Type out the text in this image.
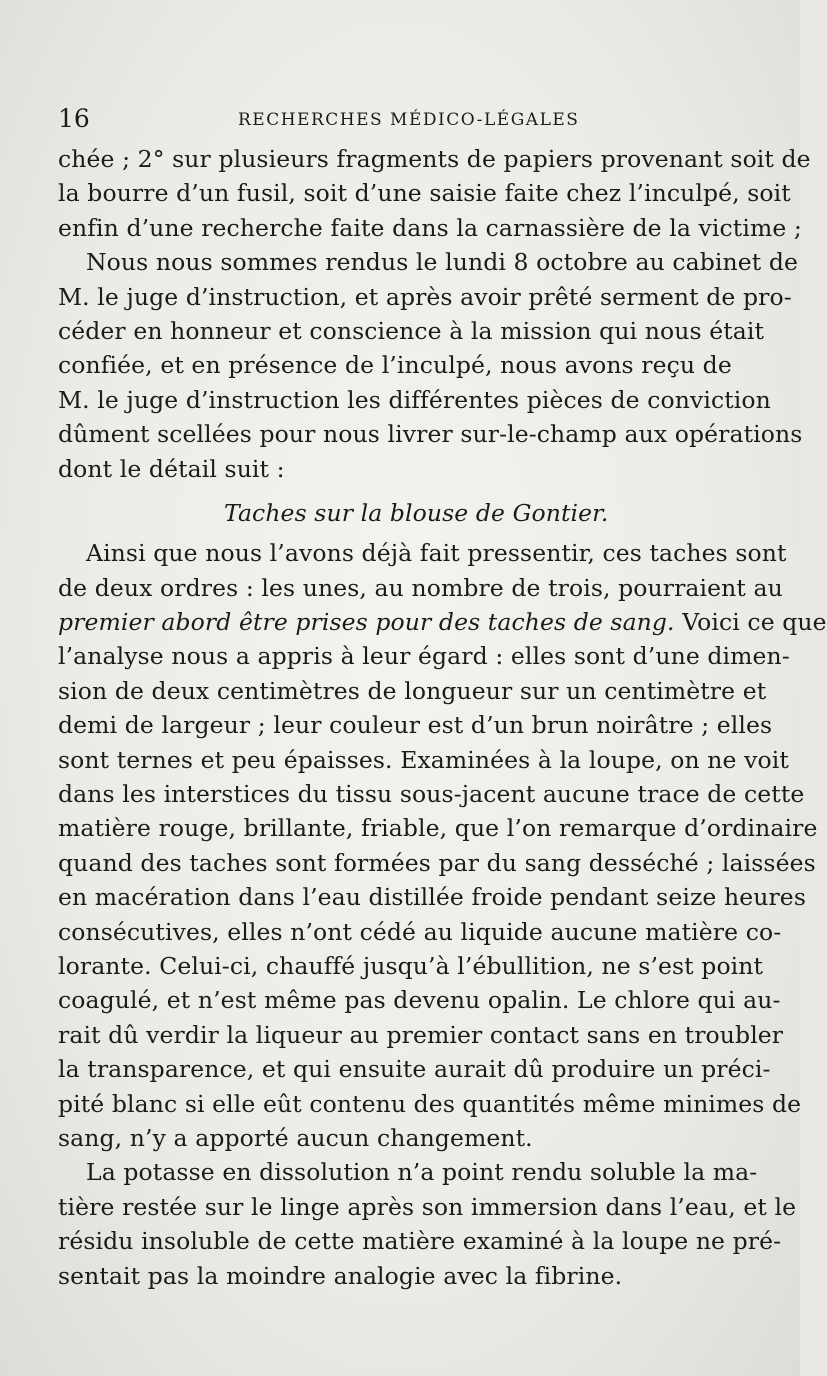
16	RECHERCHES MÉDICO-LÉGALES
chée ; 2° sur plusieurs fragments de papiers provenant soit de
la bourre d’un fusil, soit d’une saisie faite chez l’inculpé, soit
enfin d’une recherche faite dans la carnassière de la victime ;
Nous nous sommes rendus le lundi 8 octobre au cabinet de
M. le juge d’instruction, et après avoir prêté serment de pro-
céder en honneur et conscience à la mission qui nous était
confiée, et en présence de l’inculpé, nous avons reçu de
M. le juge d’instruction les différentes pièces de conviction
dûment scellées pour nous livrer sur-le-champ aux opérations
dont le détail suit :
Taches sur la blouse de Gontier.
Ainsi que nous l’avons déjà fait pressentir, ces taches sont
de deux ordres : les unes, au nombre de trois, pourraient au
premier abord être prises pour des taches de sang. Voici ce que
l’analyse nous a appris à leur égard : elles sont d’une dimen-
sion de deux centimètres de longueur sur un centimètre et
demi de largeur ; leur couleur est d’un brun noirâtre ; elles
sont ternes et peu épaisses. Examinées à la loupe, on ne voit
dans les interstices du tissu sous-jacent aucune trace de cette
matière rouge, brillante, friable, que l’on remarque d’ordinaire
quand des taches sont formées par du sang desséché ; laissées
en macération dans l’eau distillée froide pendant seize heures
consécutives, elles n’ont cédé au liquide aucune matière co-
lorante. Celui-ci, chauffé jusqu’à l’ébullition, ne s’est point
coagulé, et n’est même pas devenu opalin. Le chlore qui au-
rait dû verdir la liqueur au premier contact sans en troubler
la transparence, et qui ensuite aurait dû produire un préci-
pité blanc si elle eût contenu des quantités même minimes de
sang, n’y a apporté aucun changement.
La potasse en dissolution n’a point rendu soluble la ma-
tière restée sur le linge après son immersion dans l’eau, et le
résidu insoluble de cette matière examiné à la loupe ne pré-
sentait pas la moindre analogie avec la fibrine.
